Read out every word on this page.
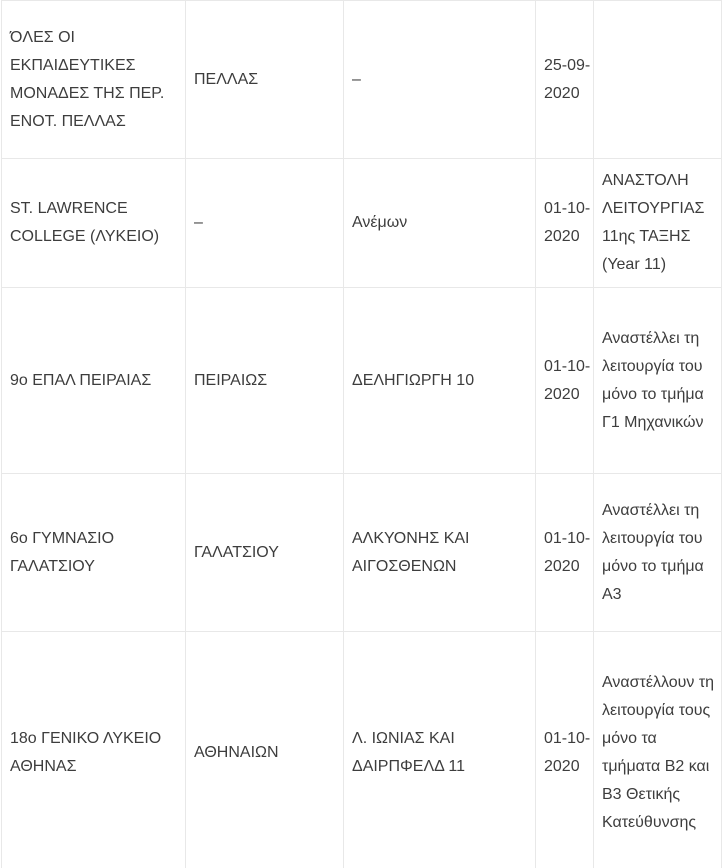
ΌΛΕΣ ΟΙ ΕΚΠΑΙΔΕΥΤΙΚΕΣ ΜΟΝΑΔΕΣ ΤΗΣ ΠΕΡ. ΕΝΟΤ. ΠΕΛΛΑΣ	ΠΕΛΛΑΣ	–	25-09-2020	

ST. LAWRENCE COLLEGE (ΛΥΚΕΙΟ)	–	Ανέμων	01-10-2020	ΑΝΑΣΤΟΛΗ ΛΕΙΤΟΥΡΓΙΑΣ 11ης ΤΑΞΗΣ (Year 11)

9ο ΕΠΑΛ ΠΕΙΡΑΙΑΣ	ΠΕΙΡΑΙΩΣ	ΔΕΛΗΓΙΩΡΓΗ 10	01-10-2020	Αναστέλλει τη λειτουργία του μόνο το τμήμα Γ1 Μηχανικών

6ο ΓΥΜΝΑΣΙΟ ΓΑΛΑΤΣΙΟΥ	ΓΑΛΑΤΣΙΟΥ	ΑΛΚΥΟΝΗΣ ΚΑΙ ΑΙΓΟΣΘΕΝΩΝ	01-10-2020	Αναστέλλει τη λειτουργία του μόνο το τμήμα Α3

18ο ΓΕΝΙΚΟ ΛΥΚΕΙΟ ΑΘΗΝΑΣ	ΑΘΗΝΑΙΩΝ	Λ. ΙΩΝΙΑΣ ΚΑΙ ΔΑΙΡΠΦΕΛΔ 11	01-10-2020	Αναστέλλουν τη λειτουργία τους μόνο τα τμήματα Β2 και Β3 Θετικής Κατεύθυνσης
